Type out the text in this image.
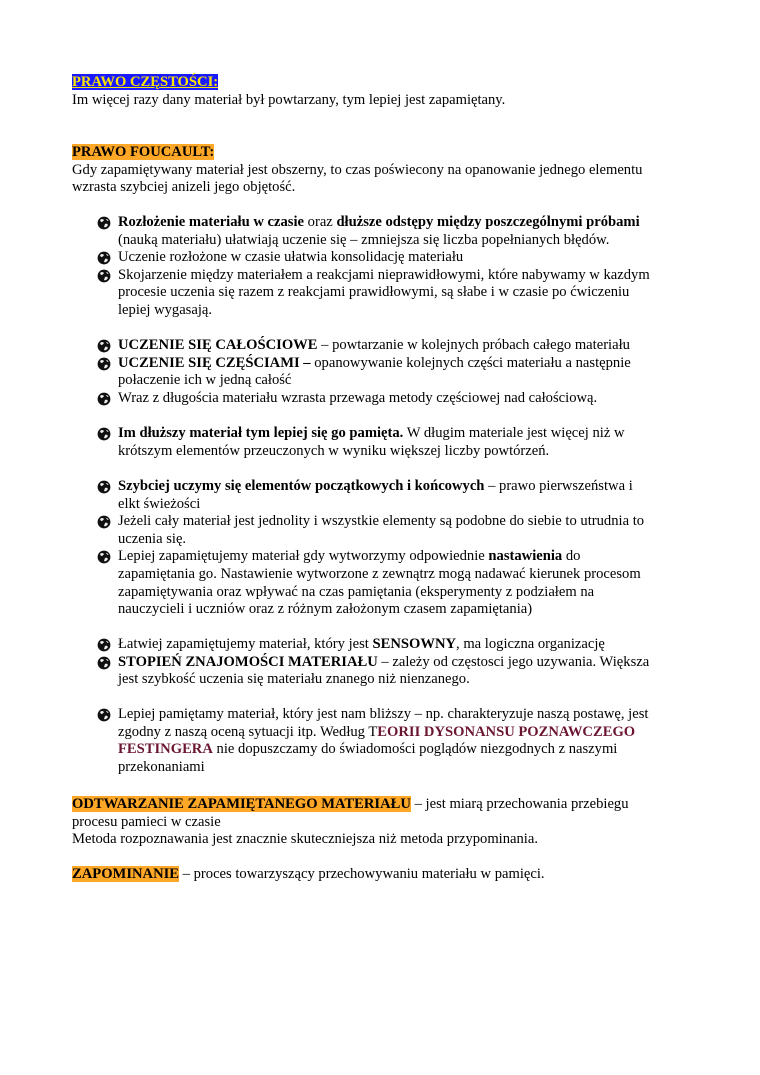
PRAWO CZĘSTOŚCI:
Im więcej razy dany materiał był powtarzany, tym lepiej jest zapamiętany.
PRAWO FOUCAULT:
Gdy zapamiętywany materiał jest obszerny, to czas poświecony na opanowanie jednego elementu
wzrasta szybciej anizeli jego objętość.
Rozłożenie materiału w czasie oraz dłuższe odstępy między poszczególnymi próbami
(nauką materiału) ułatwiają uczenie się – zmniejsza się liczba popełnianych błędów.
Uczenie rozłożone w czasie ułatwia konsolidację materiału
Skojarzenie między materiałem a reakcjami nieprawidłowymi, które nabywamy w kazdym
procesie uczenia się razem z reakcjami prawidłowymi, są słabe i w czasie po ćwiczeniu
lepiej wygasają.
UCZENIE SIĘ CAŁOŚCIOWE – powtarzanie w kolejnych próbach całego materiału
UCZENIE SIĘ CZĘŚCIAMI – opanowywanie kolejnych części materiału a następnie
połaczenie ich w jedną całość
Wraz z długościa materiału wzrasta przewaga metody częściowej nad całościową.
Im dłuższy materiał tym lepiej się go pamięta. W długim materiale jest więcej niż w
krótszym elementów przeuczonych w wyniku większej liczby powtórzeń.
Szybciej uczymy się elementów początkowych i końcowych – prawo pierwszeństwa i
elkt świeżości
Jeżeli cały materiał jest jednolity i wszystkie elementy są podobne do siebie to utrudnia to
uczenia się.
Lepiej zapamiętujemy materiał gdy wytworzymy odpowiednie nastawienia do
zapamiętania go. Nastawienie wytworzone z zewnątrz mogą nadawać kierunek procesom
zapamiętywania oraz wpływać na czas pamiętania (eksperymenty z podziałem na
nauczycieli i uczniów oraz z różnym założonym czasem zapamiętania)
Łatwiej zapamiętujemy materiał, który jest SENSOWNY, ma logiczna organizację
STOPIEŃ ZNAJOMOŚCI MATERIAŁU – zależy od częstosci jego uzywania. Większa
jest szybkość uczenia się materiału znanego niż nienzanego.
Lepiej pamiętamy materiał, który jest nam bliższy – np. charakteryzuje naszą postawę, jest
zgodny z naszą oceną sytuacji itp. Według TEORII DYSONANSU POZNAWCZEGO
FESTINGERA nie dopuszczamy do świadomości poglądów niezgodnych z naszymi
przekonaniami
ODTWARZANIE ZAPAMIĘTANEGO MATERIAŁU – jest miarą przechowania przebiegu
procesu pamieci w czasie
Metoda rozpoznawania jest znacznie skuteczniejsza niż metoda przypominania.
ZAPOMINANIE – proces towarzyszący przechowywaniu materiału w pamięci.
